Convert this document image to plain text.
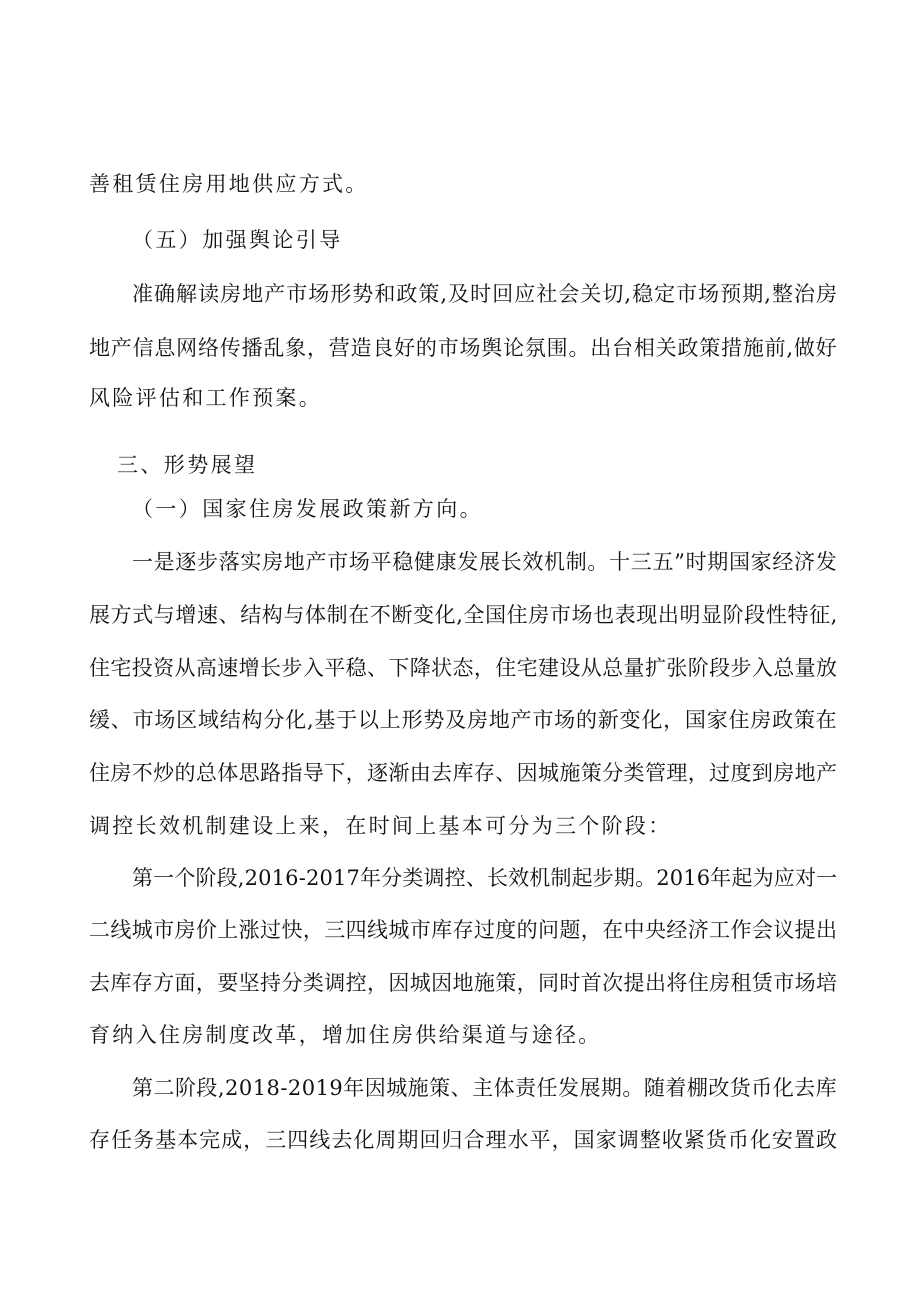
善租赁住房用地供应方式。
（五）加强舆论引导
准确解读房地产市场形势和政策,及时回应社会关切,稳定市场预期,整治房
地产信息网络传播乱象，营造良好的市场舆论氛围。出台相关政策措施前,做好
风险评估和工作预案。
三、形势展望
（一）国家住房发展政策新方向。
一是逐步落实房地产市场平稳健康发展长效机制。十三五”时期国家经济发
展方式与增速、结构与体制在不断变化,全国住房市场也表现出明显阶段性特征,
住宅投资从高速增长步入平稳、下降状态，住宅建设从总量扩张阶段步入总量放
缓、市场区域结构分化,基于以上形势及房地产市场的新变化，国家住房政策在
住房不炒的总体思路指导下，逐渐由去库存、因城施策分类管理，过度到房地产
调控长效机制建设上来，在时间上基本可分为三个阶段：
第一个阶段,2016-2017年分类调控、长效机制起步期。2016年起为应对一
二线城市房价上涨过快，三四线城市库存过度的问题，在中央经济工作会议提出
去库存方面，要坚持分类调控，因城因地施策，同时首次提出将住房租赁市场培
育纳入住房制度改革，增加住房供给渠道与途径。
第二阶段,2018-2019年因城施策、主体责任发展期。随着棚改货币化去库
存任务基本完成，三四线去化周期回归合理水平，国家调整收紧货币化安置政
